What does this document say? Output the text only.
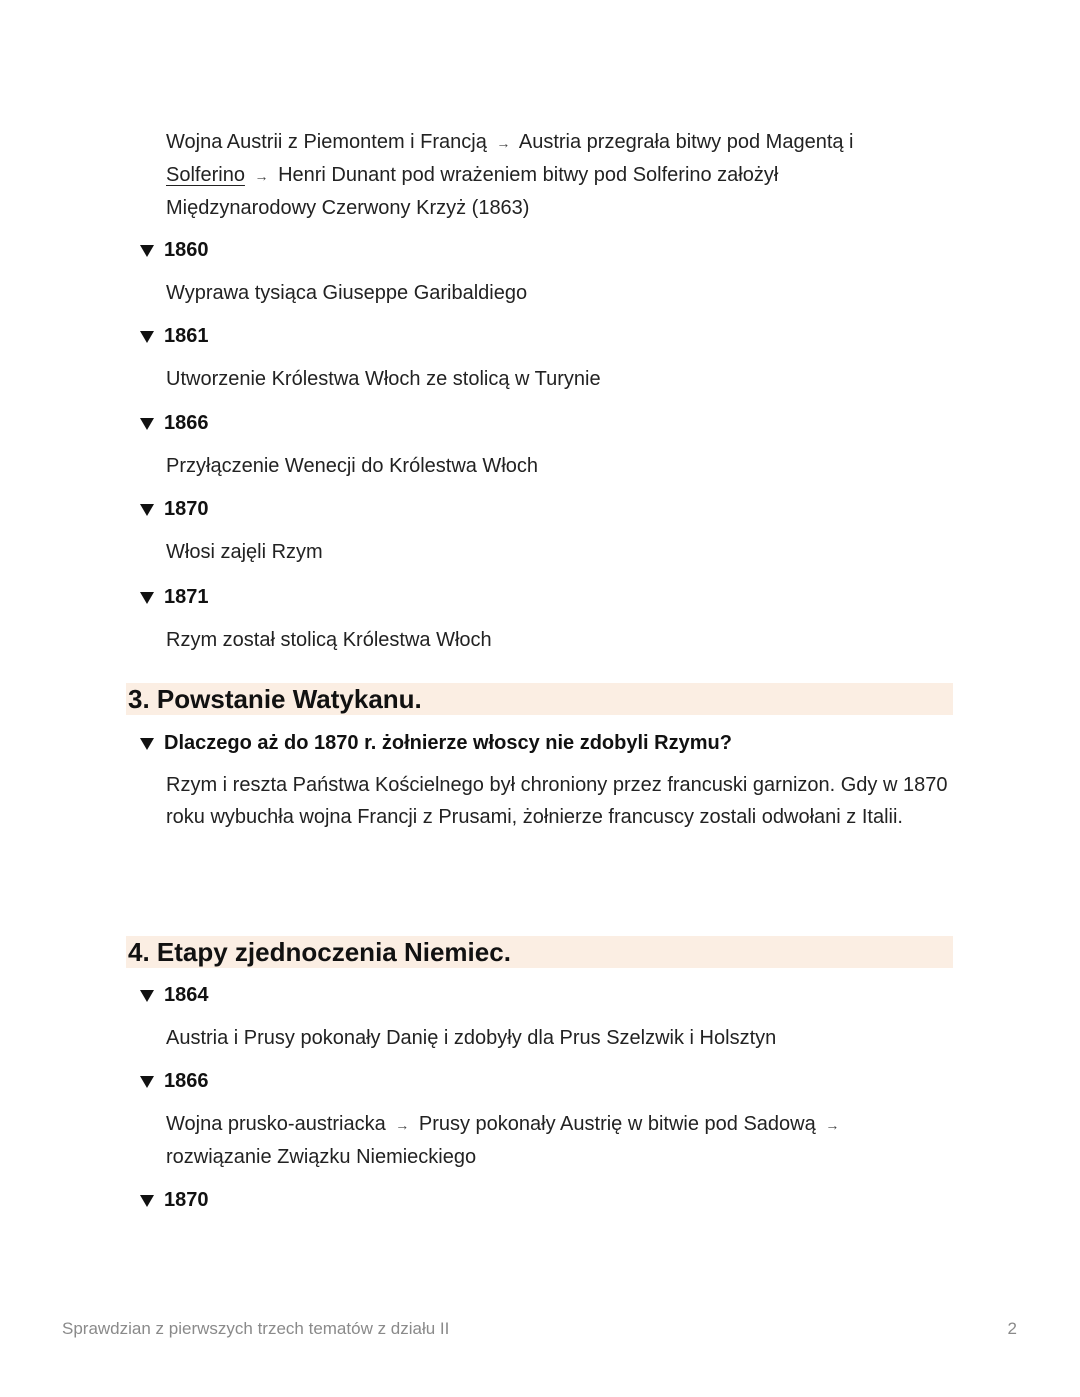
Wojna Austrii z Piemontem i Francją → Austria przegrała bitwy pod Magentą i
Solferino → Henri Dunant pod wrażeniem bitwy pod Solferino założył
Międzynarodowy Czerwony Krzyż (1863)
1860
Wyprawa tysiąca Giuseppe Garibaldiego
1861
Utworzenie Królestwa Włoch ze stolicą w Turynie
1866
Przyłączenie Wenecji do Królestwa Włoch
1870
Włosi zajęli Rzym
1871
Rzym został stolicą Królestwa Włoch
3. Powstanie Watykanu.
Dlaczego aż do 1870 r. żołnierze włoscy nie zdobyli Rzymu?
Rzym i reszta Państwa Kościelnego był chroniony przez francuski garnizon. Gdy w 1870 roku wybuchła wojna Francji z Prusami, żołnierze francuscy zostali odwołani z Italii.
4. Etapy zjednoczenia Niemiec.
1864
Austria i Prusy pokonały Danię i zdobyły dla Prus Szelzwik i Holsztyn
1866
Wojna prusko-austriacka → Prusy pokonały Austrię w bitwie pod Sadową →
rozwiązanie Związku Niemieckiego
1870
Sprawdzian z pierwszych trzech tematów z działu II	2
